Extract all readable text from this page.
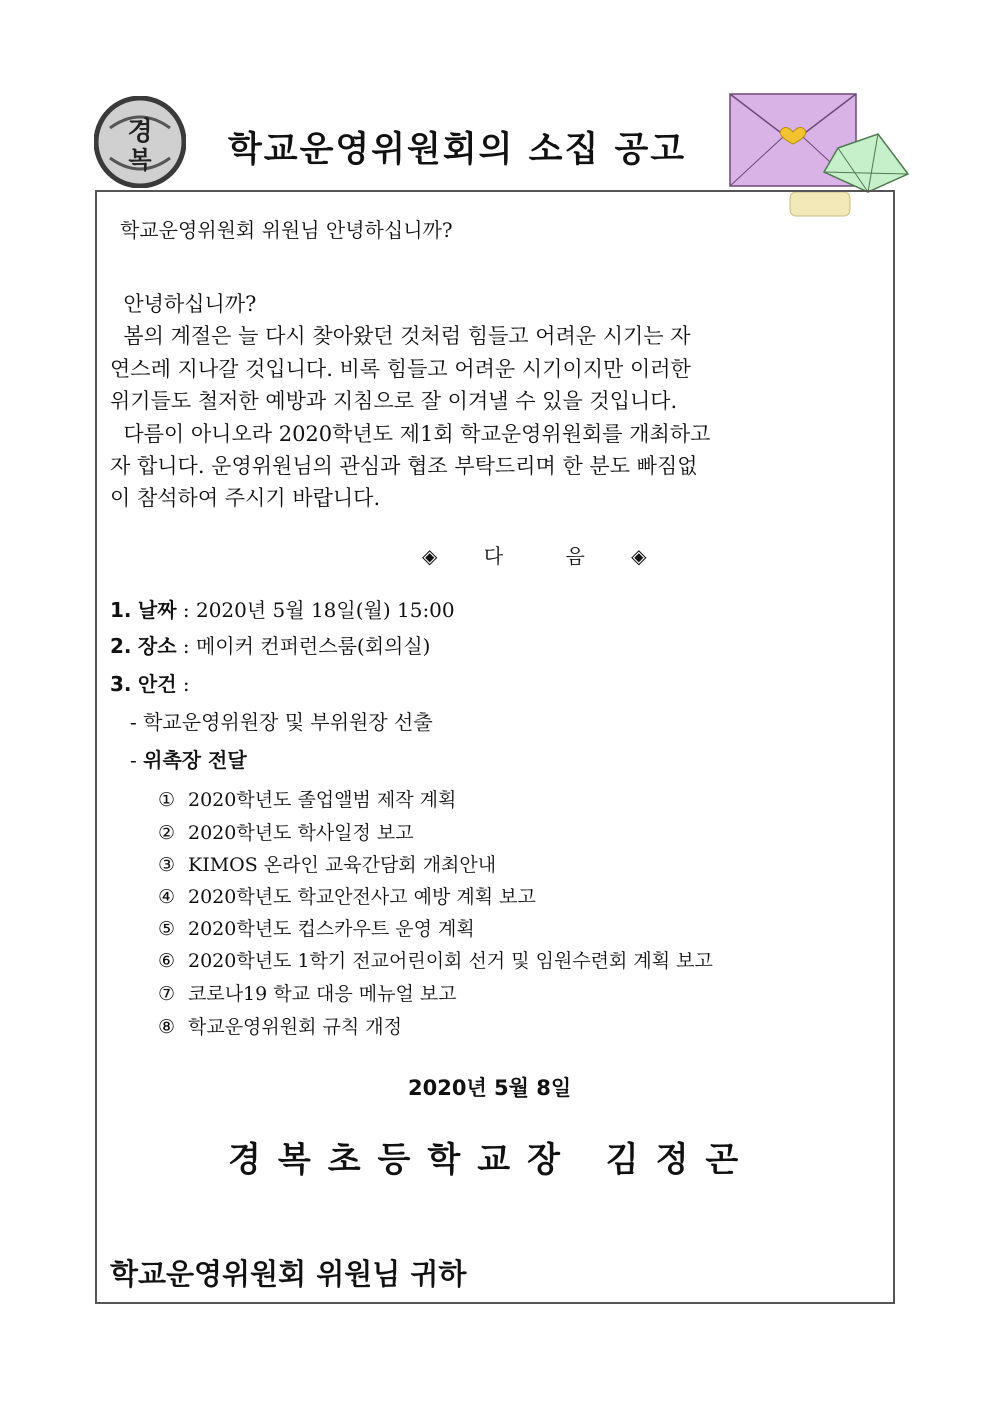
경
복 학교운영위원회의 소집 공고
학교운영위원회 위원님 안녕하십니까?
안녕하십니까?
봄의 계절은 늘 다시 찾아왔던 것처럼 힘들고 어려운 시기는 자
연스레 지나갈 것입니다. 비록 힘들고 어려운 시기이지만 이러한
위기들도 철저한 예방과 지침으로 잘 이겨낼 수 있을 것입니다.
다름이 아니오라 2020학년도 제1회 학교운영위원회를 개최하고
자 합니다. 운영위원님의 관심과 협조 부탁드리며 한 분도 빠짐없
이 참석하여 주시기 바랍니다.
◈ 다	음 ◈
1. 날짜 : 2020년 5월 18일(월) 15:00
2. 장소 : 메이커 컨퍼런스룸(회의실)
3. 안건 :
- 학교운영위원장 및 부위원장 선출
- 위촉장 전달
① 2020학년도 졸업앨범 제작 계획
② 2020학년도 학사일정 보고
③ KIMOS 온라인 교육간담회 개최안내
④ 2020학년도 학교안전사고 예방 계획 보고
⑤ 2020학년도 컵스카우트 운영 계획
⑥ 2020학년도 1학기 전교어린이회 선거 및 임원수련회 계획 보고
⑦ 코로나19 학교 대응 메뉴얼 보고
⑧ 학교운영위원회 규칙 개정
2020년 5월 8일
경복초등학교장 김정곤
학교운영위원회 위원님 귀하
